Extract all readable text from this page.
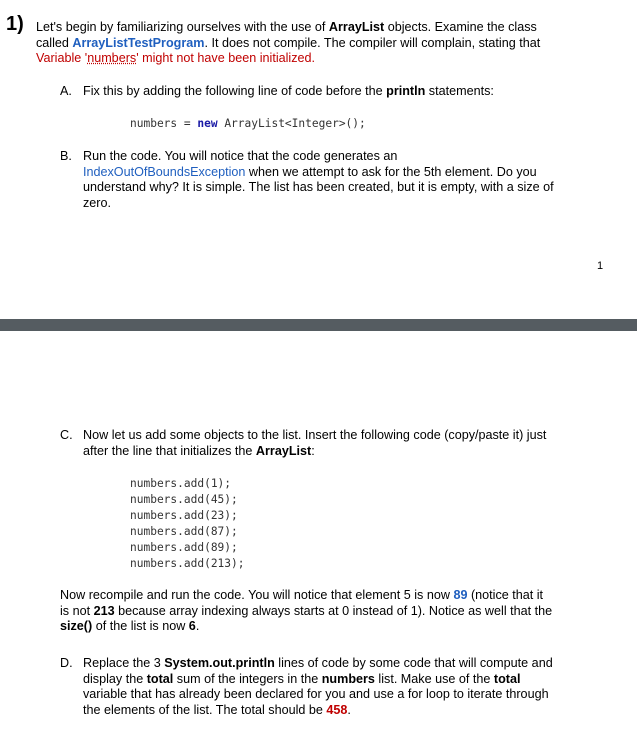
1) Let's begin by familiarizing ourselves with the use of ArrayList objects. Examine the class
called ArrayListTestProgram. It does not compile. The compiler will complain, stating that
Variable 'numbers' might not have been initialized.
A. Fix this by adding the following line of code before the println statements:
numbers = new ArrayList<Integer>();
B. Run the code. You will notice that the code generates an
IndexOutOfBoundsException when we attempt to ask for the 5th element. Do you
understand why? It is simple. The list has been created, but it is empty, with a size of
zero.
1
C. Now let us add some objects to the list. Insert the following code (copy/paste it) just
after the line that initializes the ArrayList:
numbers.add(1);
numbers.add(45);
numbers.add(23);
numbers.add(87);
numbers.add(89);
numbers.add(213);
Now recompile and run the code. You will notice that element 5 is now 89 (notice that it
is not 213 because array indexing always starts at 0 instead of 1). Notice as well that the
size() of the list is now 6.
D. Replace the 3 System.out.println lines of code by some code that will compute and
display the total sum of the integers in the numbers list. Make use of the total
variable that has already been declared for you and use a for loop to iterate through
the elements of the list. The total should be 458.
